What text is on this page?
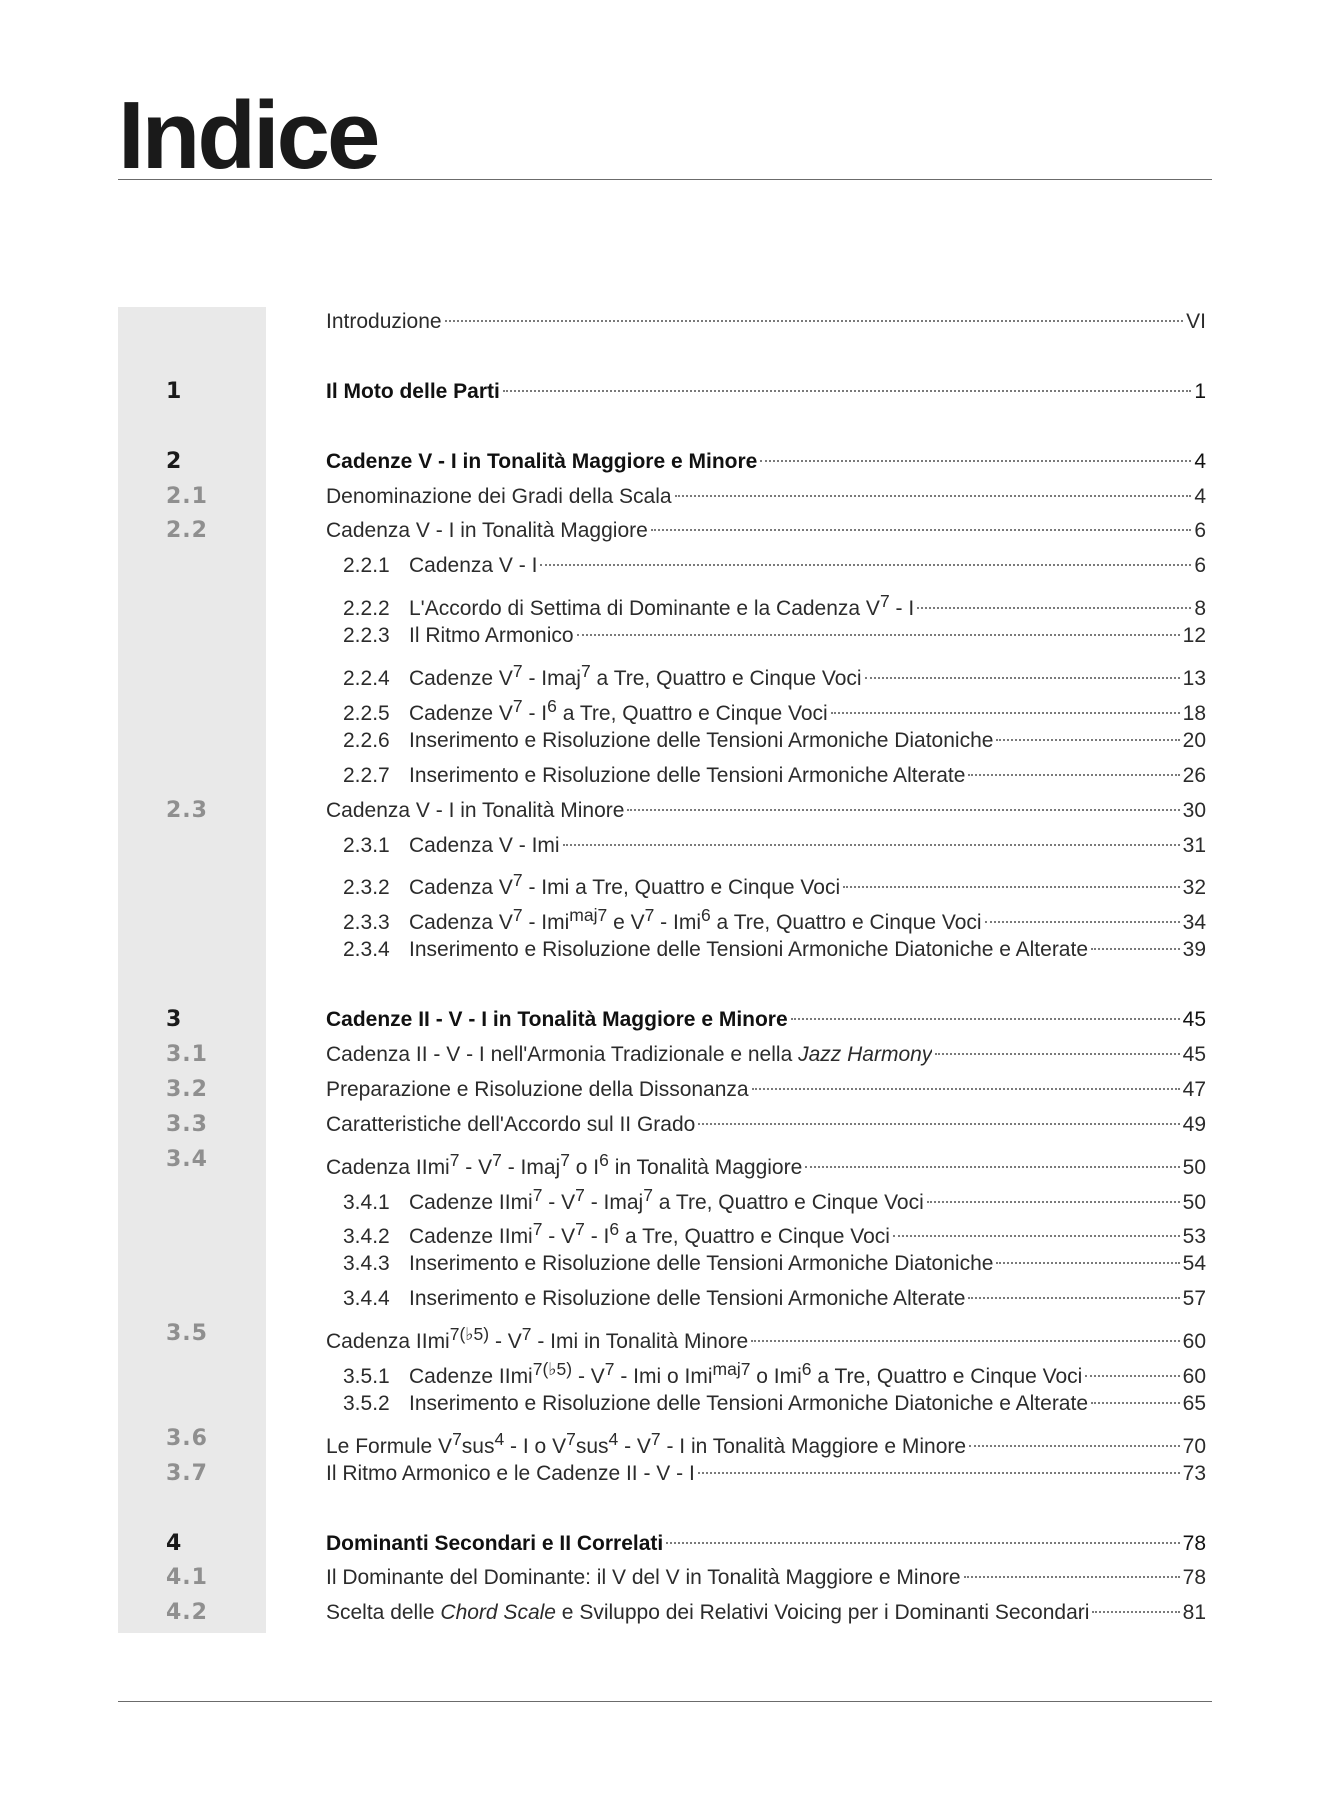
Indice
Introduzione	VI
1	Il Moto delle Parti	1
2	Cadenze V - I in Tonalità Maggiore e Minore	4
2.1	Denominazione dei Gradi della Scala	4
2.2	Cadenza V - I in Tonalità Maggiore	6
2.2.1 Cadenza V - I	6
2.2.2 L'Accordo di Settima di Dominante e la Cadenza $V^7$ - I	8
2.2.3 Il Ritmo Armonico	12
2.2.4 Cadenze $V^7$ - Imaj$^7$ a Tre, Quattro e Cinque Voci	13
2.2.5 Cadenze $V^7 - I^6$ a Tre, Quattro e Cinque Voci	18
2.2.6 Inserimento e Risoluzione delle Tensioni Armoniche Diatoniche	20
2.2.7 Inserimento e Risoluzione delle Tensioni Armoniche Alterate	26
2.3	Cadenza V - I in Tonalità Minore	30
2.3.1 Cadenza V - Imi	31
2.3.2 Cadenza $V^7$ - Imi a Tre, Quattro e Cinque Voci	32
2.3.3 Cadenza $V^7 - Imi^{maj7}$ e $V^7 - Imi^6$ a Tre, Quattro e Cinque Voci	34
2.3.4 Inserimento e Risoluzione delle Tensioni Armoniche Diatoniche e Alterate	39
3	Cadenze II - V - I in Tonalità Maggiore e Minore	45
3.1	Cadenza II - V - I nell'Armonia Tradizionale e nella Jazz Harmony	45
3.2	Preparazione e Risoluzione della Dissonanza	47
3.3	Caratteristiche dell'Accordo sul II Grado	49
3.4	Cadenza IImi$^7$ - $V^7$ - Imaj$^7$ o $I^6$ in Tonalità Maggiore	50
3.4.1 Cadenze IImi$^7$ - $V^7$ - Imaj$^7$ a Tre, Quattro e Cinque Voci	50
3.4.2 Cadenze IImi$^7$ - $V^7 - I^6$ a Tre, Quattro e Cinque Voci	53
3.4.3 Inserimento e Risoluzione delle Tensioni Armoniche Diatoniche	54
3.4.4 Inserimento e Risoluzione delle Tensioni Armoniche Alterate	57
3.5	Cadenza IImi$^{7(♭5)}$ - $V^7$ - Imi in Tonalità Minore	60
3.5.1 Cadenze IImi$^{7(♭5)}$ - $V^7$ - Imi o Imi$^{maj7}$ o Imi$^6$ a Tre, Quattro e Cinque Voci	60
3.5.2 Inserimento e Risoluzione delle Tensioni Armoniche Diatoniche e Alterate	65
3.6	Le Formule $V^7sus^4$ - I o $V^7sus^4 - V^7$ - I in Tonalità Maggiore e Minore	70
3.7	Il Ritmo Armonico e le Cadenze II - V - I	73
4	Dominanti Secondari e II Correlati	78
4.1	Il Dominante del Dominante: il V del V in Tonalità Maggiore e Minore	78
4.2	Scelta delle Chord Scale e Sviluppo dei Relativi Voicing per i Dominanti Secondari	81
